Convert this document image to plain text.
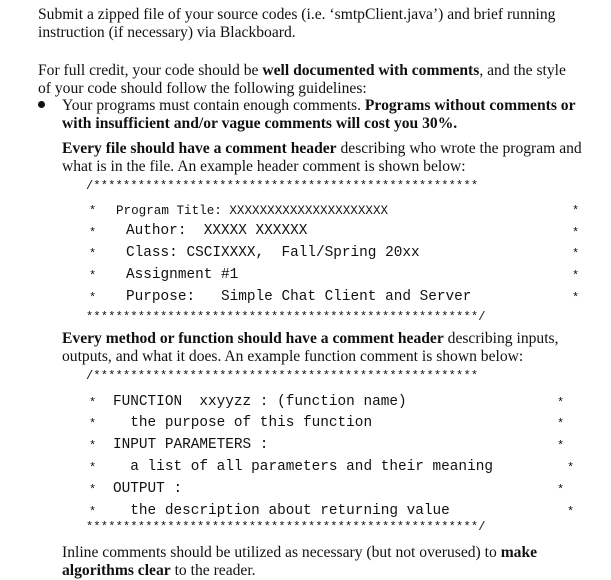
Submit a zipped file of your source codes (i.e. ‘smtpClient.java’) and brief running

instruction (if necessary) via Blackboard.

For full credit, your code should be well documented with comments, and the style

of your code should follow the following guidelines:

Your programs must contain enough comments. Programs without comments or

with insufficient and/or vague comments will cost you 30%.

Every file should have a comment header describing who wrote the program and

what is in the file. An example header comment is shown below:

/****************************************************
*
*
*
*
*
*
*
*
*
*
Program Title: XXXXXXXXXXXXXXXXXXXXX
Author:  XXXXX XXXXXX
Class: CSCIXXXX,  Fall/Spring 20xx
Assignment #1
Purpose:   Simple Chat Client and Server
*****************************************************/

Every method or function should have a comment header describing inputs,

outputs, and what it does. An example function comment is shown below:

/****************************************************
*
*
*
*
*
*
*
*
*
*
*
*
FUNCTION  xxyyzz : (function name)
the purpose of this function
INPUT PARAMETERS :
a list of all parameters and their meaning
OUTPUT :
the description about returning value
*****************************************************/

Inline comments should be utilized as necessary (but not overused) to make

algorithms clear to the reader.
